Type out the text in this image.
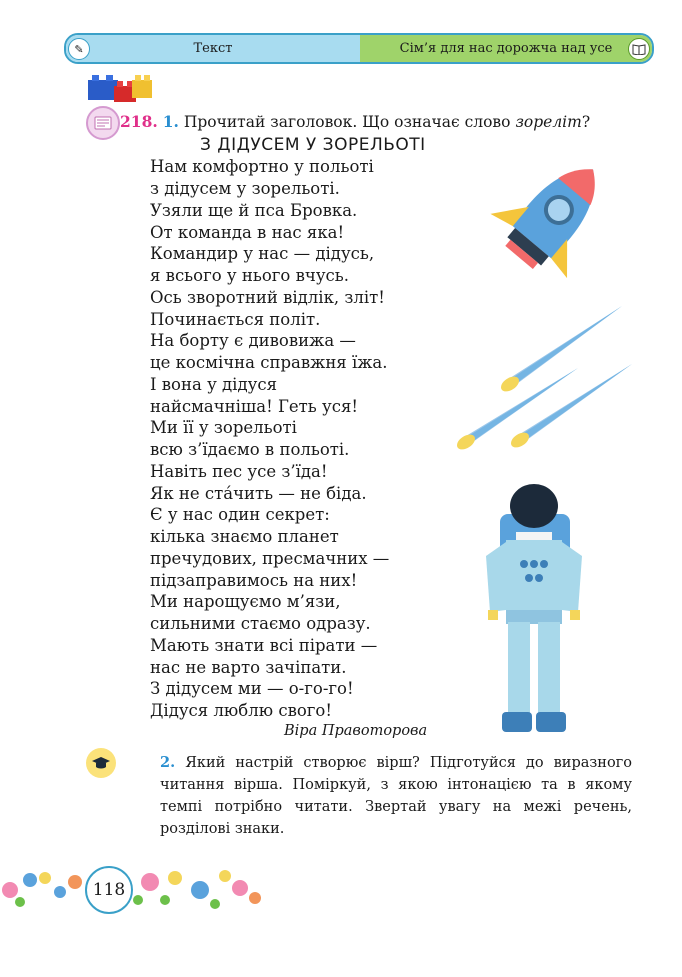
✎	Текст	Сім’я для нас дорожча над усе
218. 1. Прочитай заголовок. Що означає слово зореліт?
З ДІДУСЕМ У ЗОРЕЛЬОТІ
Нам комфортно у польоті
з дідусем у зорельоті.
Узяли ще й пса Бровка.
От команда в нас яка!
Командир у нас — дідусь,
я всього у нього вчусь.
Ось зворотний відлік, зліт!
Починається політ.
На борту є дивовижа —
це космічна справжня їжа.
І вона у дідуся
найсмачніша! Геть уся!
Ми її у зорельоті
всю з’їдаємо в польоті.
Навіть пес усе з’їда!
Як не ста́чить — не біда.
Є у нас один секрет:
кілька знаємо планет
пречудових, пресмачних —
підзаправимось на них!
Ми нарощуємо м’язи,
сильними стаємо одразу.
Мають знати всі пірати —
нас не варто зачіпати.
З дідусем ми — о-го-го!
Дідуся люблю свого!
Віра Правоторова
2. Який настрій створює вірш? Підготуйся до виразного читання вірша. Поміркуй, з якою інтонацією та в якому темпі потрібно читати. Звертай увагу на межі речень, розділові знаки.
118
